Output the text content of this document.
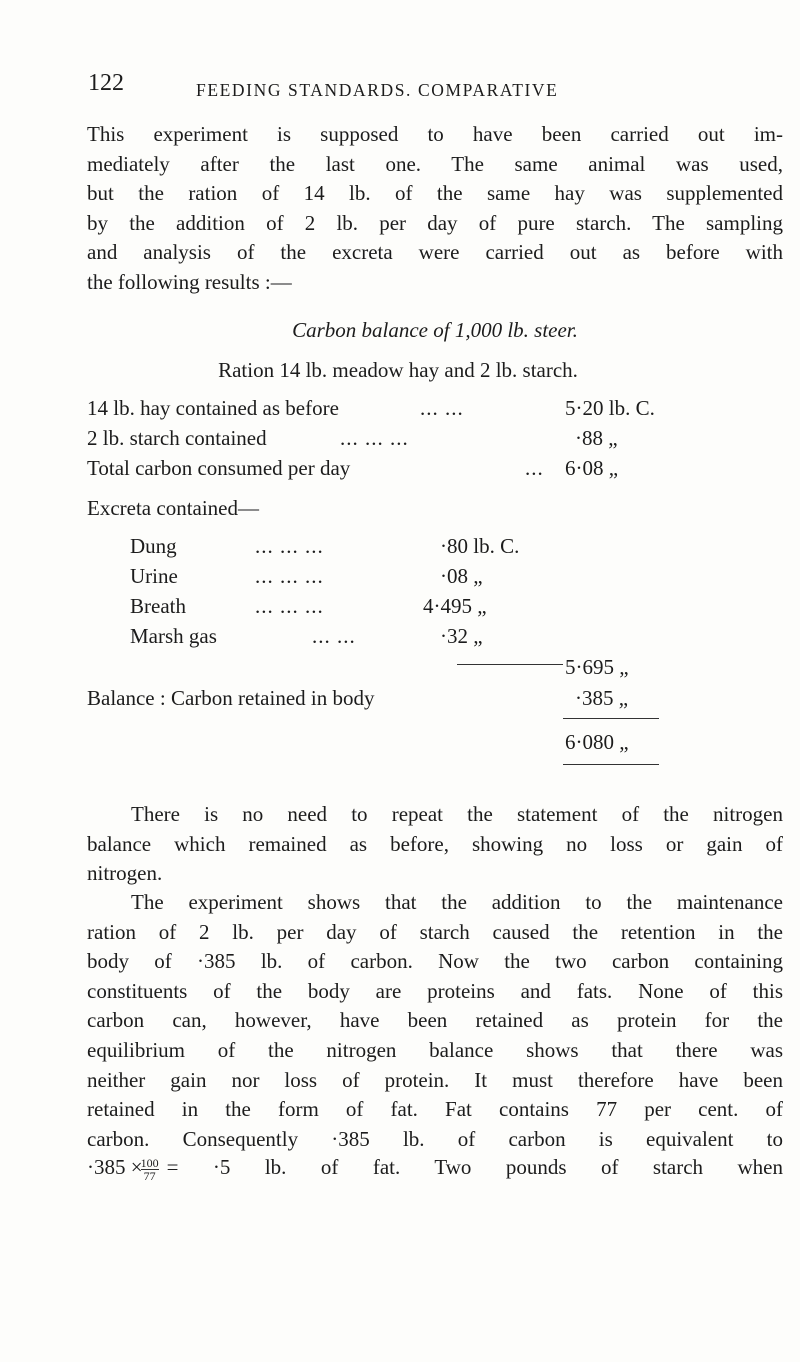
122	FEEDING STANDARDS. COMPARATIVE
This experiment is supposed to have been carried out im-
mediately after the last one. The same animal was used,
but the ration of 14 lb. of the same hay was supplemented
by the addition of 2 lb. per day of pure starch. The sampling
and analysis of the excreta were carried out as before with
the following results :—
Carbon balance of 1,000 lb. steer.
Ration 14 lb. meadow hay and 2 lb. starch.
14 lb. hay contained as before	... ...	5·20 lb. C.
2 lb. starch contained	... ... ...	·88 „
Total carbon consumed per day	... 6·08 „
Excreta contained—
Dung	... ... ...	·80 lb. C.
Urine	... ... ...	·08 „
Breath	... ... ...	4·495 „
Marsh gas	... ...	·32 „
5·695 „
Balance : Carbon retained in body	·385 „
6·080 „
There is no need to repeat the statement of the nitrogen
balance which remained as before, showing no loss or gain of
nitrogen.
The experiment shows that the addition to the maintenance
ration of 2 lb. per day of starch caused the retention in the
body of ·385 lb. of carbon. Now the two carbon containing
constituents of the body are proteins and fats. None of this
carbon can, however, have been retained as protein for the
equilibrium of the nitrogen balance shows that there was
neither gain nor loss of protein. It must therefore have been
retained in the form of fat. Fat contains 77 per cent. of
carbon. Consequently ·385 lb. of carbon is equivalent to
·385 ×
$\frac{100}{77} = \cdot 5$ lb. of fat. Two pounds of starch when
